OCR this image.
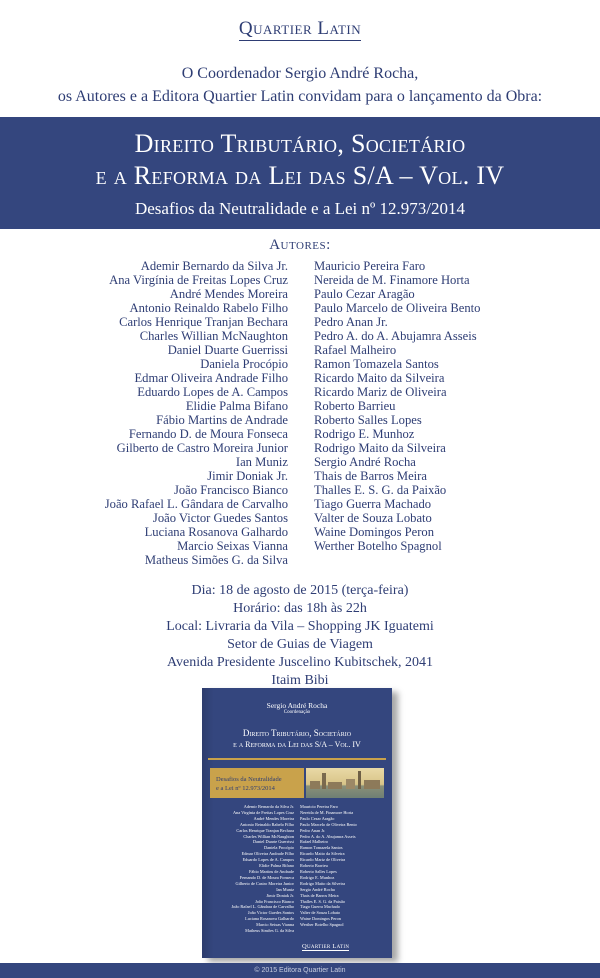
Quartier Latin
O Coordenador Sergio André Rocha,
os Autores e a Editora Quartier Latin convidam para o lançamento da Obra:
Direito Tributário, Societário
e a Reforma da Lei das S/A – Vol. IV
Desafios da Neutralidade e a Lei nº 12.973/2014
Autores:
Ademir Bernardo da Silva Jr.
Ana Virgínia de Freitas Lopes Cruz
André Mendes Moreira
Antonio Reinaldo Rabelo Filho
Carlos Henrique Tranjan Bechara
Charles Willian McNaughton
Daniel Duarte Guerrissi
Daniela Procópio
Edmar Oliveira Andrade Filho
Eduardo Lopes de A. Campos
Elidie Palma Bifano
Fábio Martins de Andrade
Fernando D. de Moura Fonseca
Gilberto de Castro Moreira Junior
Ian Muniz
Jimir Doniak Jr.
João Francisco Bianco
João Rafael L. Gândara de Carvalho
João Victor Guedes Santos
Luciana Rosanova Galhardo
Marcio Seixas Vianna
Matheus Simões G. da Silva
Mauricio Pereira Faro
Nereida de M. Finamore Horta
Paulo Cezar Aragão
Paulo Marcelo de Oliveira Bento
Pedro Anan Jr.
Pedro A. do A. Abujamra Asseis
Rafael Malheiro
Ramon Tomazela Santos
Ricardo Maito da Silveira
Ricardo Mariz de Oliveira
Roberto Barrieu
Roberto Salles Lopes
Rodrigo E. Munhoz
Rodrigo Maito da Silveira
Sergio André Rocha
Thais de Barros Meira
Thalles E. S. G. da Paixão
Tiago Guerra Machado
Valter de Souza Lobato
Waine Domingos Peron
Werther Botelho Spagnol
Dia: 18 de agosto de 2015 (terça-feira)
Horário: das 18h às 22h
Local: Livraria da Vila – Shopping JK Iguatemi
Setor de Guias de Viagem
Avenida Presidente Juscelino Kubitschek, 2041
Itaim Bibi
Sergio André Rocha
Coordenação
Direito Tributário, Societário
e a Reforma da Lei das S/A – Vol. IV
Desafios da Neutralidade
e a Lei nº 12.973/2014
Ademir Bernardo da Silva Jr.
Ana Virgínia de Freitas Lopes Cruz
André Mendes Moreira
Antonio Reinaldo Rabelo Filho
Carlos Henrique Tranjan Bechara
Charles Willian McNaughton
Daniel Duarte Guerrissi
Daniela Procópio
Edmar Oliveira Andrade Filho
Eduardo Lopes de A. Campos
Elidie Palma Bifano
Fábio Martins de Andrade
Fernando D. de Moura Fonseca
Gilberto de Castro Moreira Junior
Ian Muniz
Jimir Doniak Jr.
João Francisco Bianco
João Rafael L. Gândara de Carvalho
João Victor Guedes Santos
Luciana Rosanova Galhardo
Marcio Seixas Vianna
Matheus Simões G. da Silva
Mauricio Pereira Faro
Nereida de M. Finamore Horta
Paulo Cezar Aragão
Paulo Marcelo de Oliveira Bento
Pedro Anan Jr.
Pedro A. do A. Abujamra Asseis
Rafael Malheiro
Ramon Tomazela Santos
Ricardo Maito da Silveira
Ricardo Mariz de Oliveira
Roberto Barrieu
Roberto Salles Lopes
Rodrigo E. Munhoz
Rodrigo Maito da Silveira
Sergio André Rocha
Thais de Barros Meira
Thalles E. S. G. da Paixão
Tiago Guerra Machado
Valter de Souza Lobato
Waine Domingos Peron
Werther Botelho Spagnol
Quartier Latin
© 2015 Editora Quartier Latin
